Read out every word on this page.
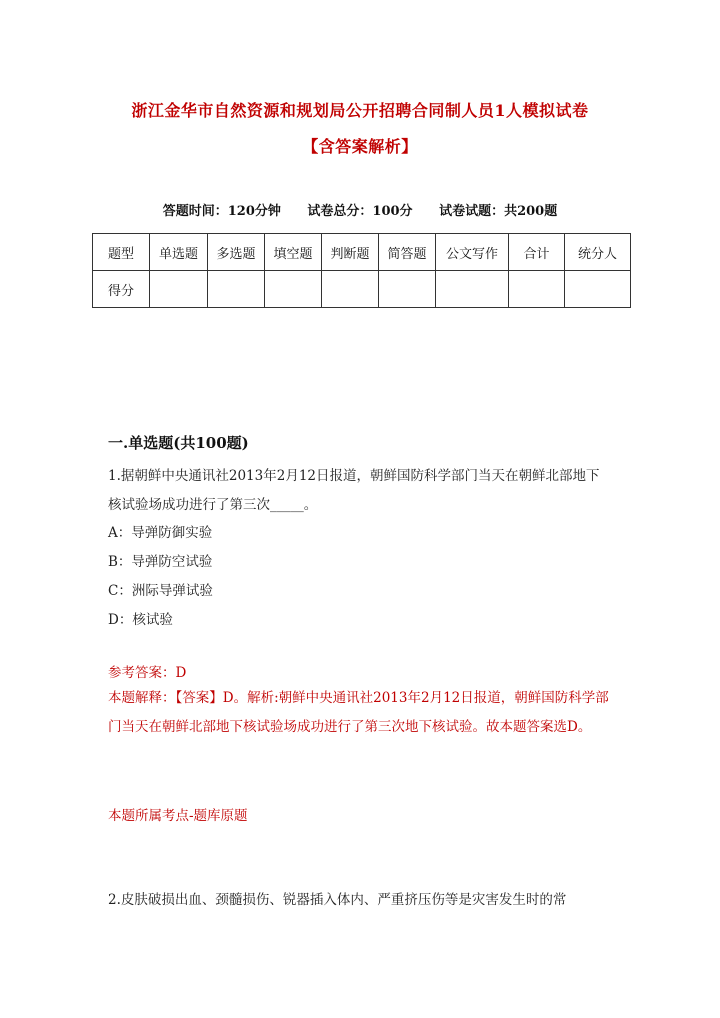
浙江金华市自然资源和规划局公开招聘合同制人员1人模拟试卷
【含答案解析】
答题时间：120分钟 试卷总分：100分 试卷试题：共200题
题型	单选题	多选题	填空题	判断题	简答题	公文写作	合计	统分人
得分								
一.单选题(共100题)
1.据朝鲜中央通讯社2013年2月12日报道，朝鲜国防科学部门当天在朝鲜北部地下核试验场成功进行了第三次_____。
A：导弹防御实验
B：导弹防空试验
C：洲际导弹试验
D：核试验
参考答案：D
本题解释：【答案】D。解析:朝鲜中央通讯社2013年2月12日报道，朝鲜国防科学部门当天在朝鲜北部地下核试验场成功进行了第三次地下核试验。故本题答案选D。
本题所属考点-题库原题
2.皮肤破损出血、颈髓损伤、锐器插入体内、严重挤压伤等是灾害发生时的常
